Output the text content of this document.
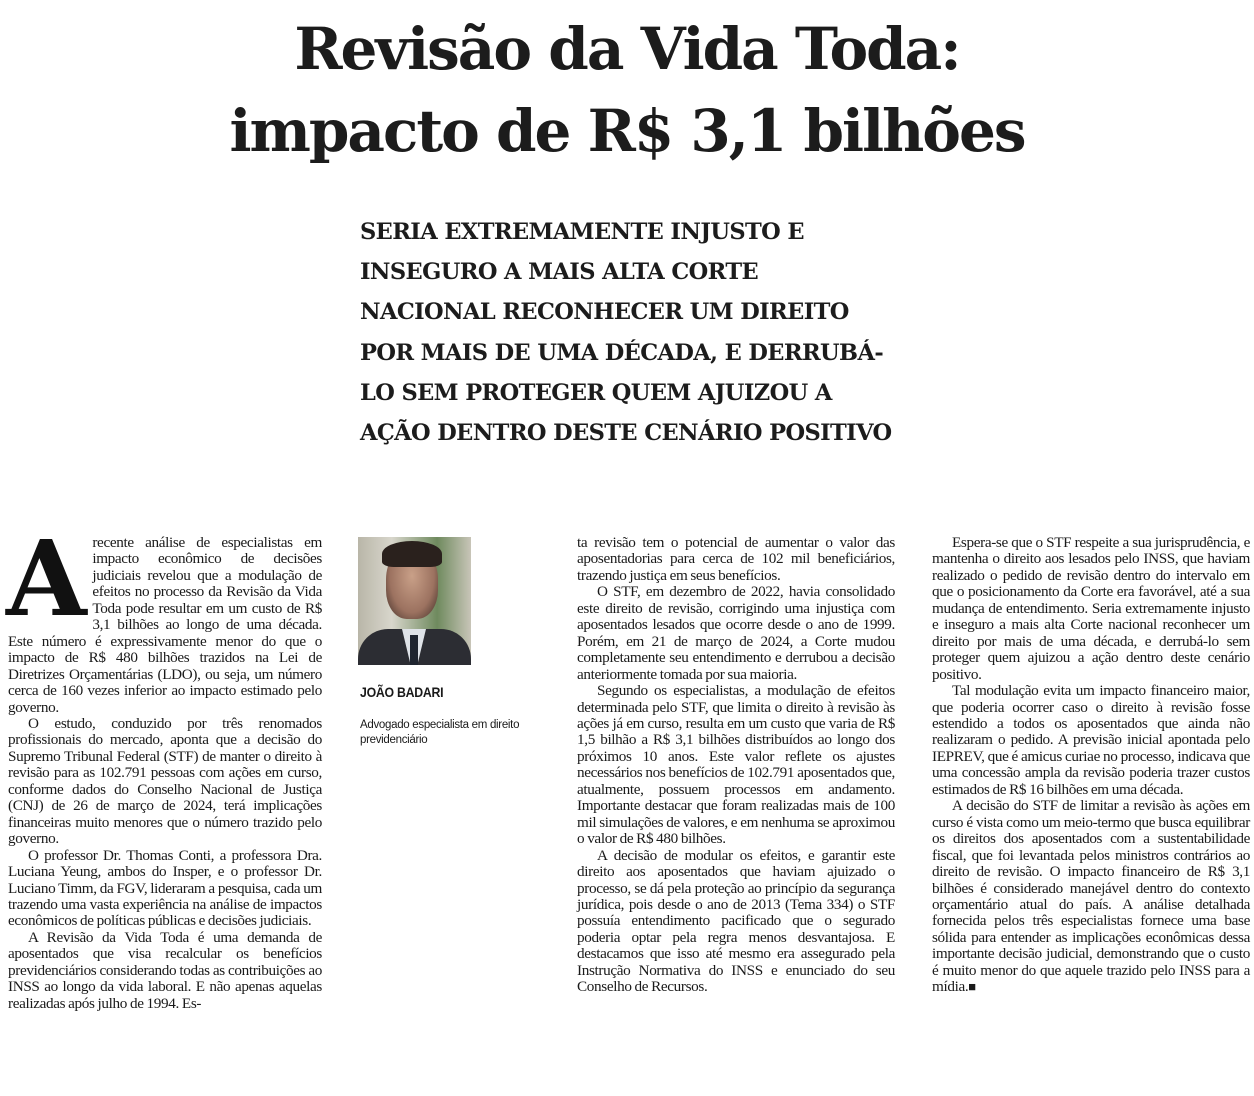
Revisão da Vida Toda:
impacto de R$ 3,1 bilhões
SERIA EXTREMAMENTE INJUSTO E INSEGURO A MAIS ALTA CORTE NACIONAL RECONHECER UM DIREITO POR MAIS DE UMA DÉCADA, E DERRUBÁ-LO SEM PROTEGER QUEM AJUIZOU A AÇÃO DENTRO DESTE CENÁRIO POSITIVO

Arecente análise de especialistas em impacto econômico de decisões judiciais revelou que a modulação de efeitos no processo da Revisão da Vida Toda pode resultar em um custo de R$ 3,1 bilhões ao longo de uma década. Este número é expressivamente menor do que o impacto de R$ 480 bilhões trazidos na Lei de Diretrizes Orçamentárias (LDO), ou seja, um número cerca de 160 vezes inferior ao impacto estimado pelo governo.

O estudo, conduzido por três renomados profissionais do mercado, aponta que a decisão do Supremo Tribunal Federal (STF) de manter o direito à revisão para as 102.791 pessoas com ações em curso, conforme dados do Conselho Nacional de Justiça (CNJ) de 26 de março de 2024, terá implicações financeiras muito menores que o número trazido pelo governo.

O professor Dr. Thomas Conti, a professora Dra. Luciana Yeung, ambos do Insper, e o professor Dr. Luciano Timm, da FGV, lideraram a pesquisa, cada um trazendo uma vasta experiência na análise de impactos econômicos de políticas públicas e decisões judiciais.

A Revisão da Vida Toda é uma demanda de aposentados que visa recalcular os benefícios previdenciários considerando todas as contribuições ao INSS ao longo da vida laboral. E não apenas aquelas realizadas após julho de 1994. Es-

JOÃO BADARI
Advogado especialista em direito previdenciário

ta revisão tem o potencial de aumentar o valor das aposentadorias para cerca de 102 mil beneficiários, trazendo justiça em seus benefícios.

O STF, em dezembro de 2022, havia consolidado este direito de revisão, corrigindo uma injustiça com aposentados lesados que ocorre desde o ano de 1999. Porém, em 21 de março de 2024, a Corte mudou completamente seu entendimento e derrubou a decisão anteriormente tomada por sua maioria.

Segundo os especialistas, a modulação de efeitos determinada pelo STF, que limita o direito à revisão às ações já em curso, resulta em um custo que varia de R$ 1,5 bilhão a R$ 3,1 bilhões distribuídos ao longo dos próximos 10 anos. Este valor reflete os ajustes necessários nos benefícios de 102.791 aposentados que, atualmente, possuem processos em andamento. Importante destacar que foram realizadas mais de 100 mil simulações de valores, e em nenhuma se aproximou o valor de R$ 480 bilhões.

A decisão de modular os efeitos, e garantir este direito aos aposentados que haviam ajuizado o processo, se dá pela proteção ao princípio da segurança jurídica, pois desde o ano de 2013 (Tema 334) o STF possuía entendimento pacificado que o segurado poderia optar pela regra menos desvantajosa. E destacamos que isso até mesmo era assegurado pela Instrução Normativa do INSS e enunciado do seu Conselho de Recursos.

Espera-se que o STF respeite a sua jurisprudência, e mantenha o direito aos lesados pelo INSS, que haviam realizado o pedido de revisão dentro do intervalo em que o posicionamento da Corte era favorável, até a sua mudança de entendimento. Seria extremamente injusto e inseguro a mais alta Corte nacional reconhecer um direito por mais de uma década, e derrubá-lo sem proteger quem ajuizou a ação dentro deste cenário positivo.

Tal modulação evita um impacto financeiro maior, que poderia ocorrer caso o direito à revisão fosse estendido a todos os aposentados que ainda não realizaram o pedido. A previsão inicial apontada pelo IEPREV, que é amicus curiae no processo, indicava que uma concessão ampla da revisão poderia trazer custos estimados de R$ 16 bilhões em uma década.

A decisão do STF de limitar a revisão às ações em curso é vista como um meio-termo que busca equilibrar os direitos dos aposentados com a sustentabilidade fiscal, que foi levantada pelos ministros contrários ao direito de revisão. O impacto financeiro de R$ 3,1 bilhões é considerado manejável dentro do contexto orçamentário atual do país. A análise detalhada fornecida pelos três especialistas fornece uma base sólida para entender as implicações econômicas dessa importante decisão judicial, demonstrando que o custo é muito menor do que aquele trazido pelo INSS para a mídia.■
